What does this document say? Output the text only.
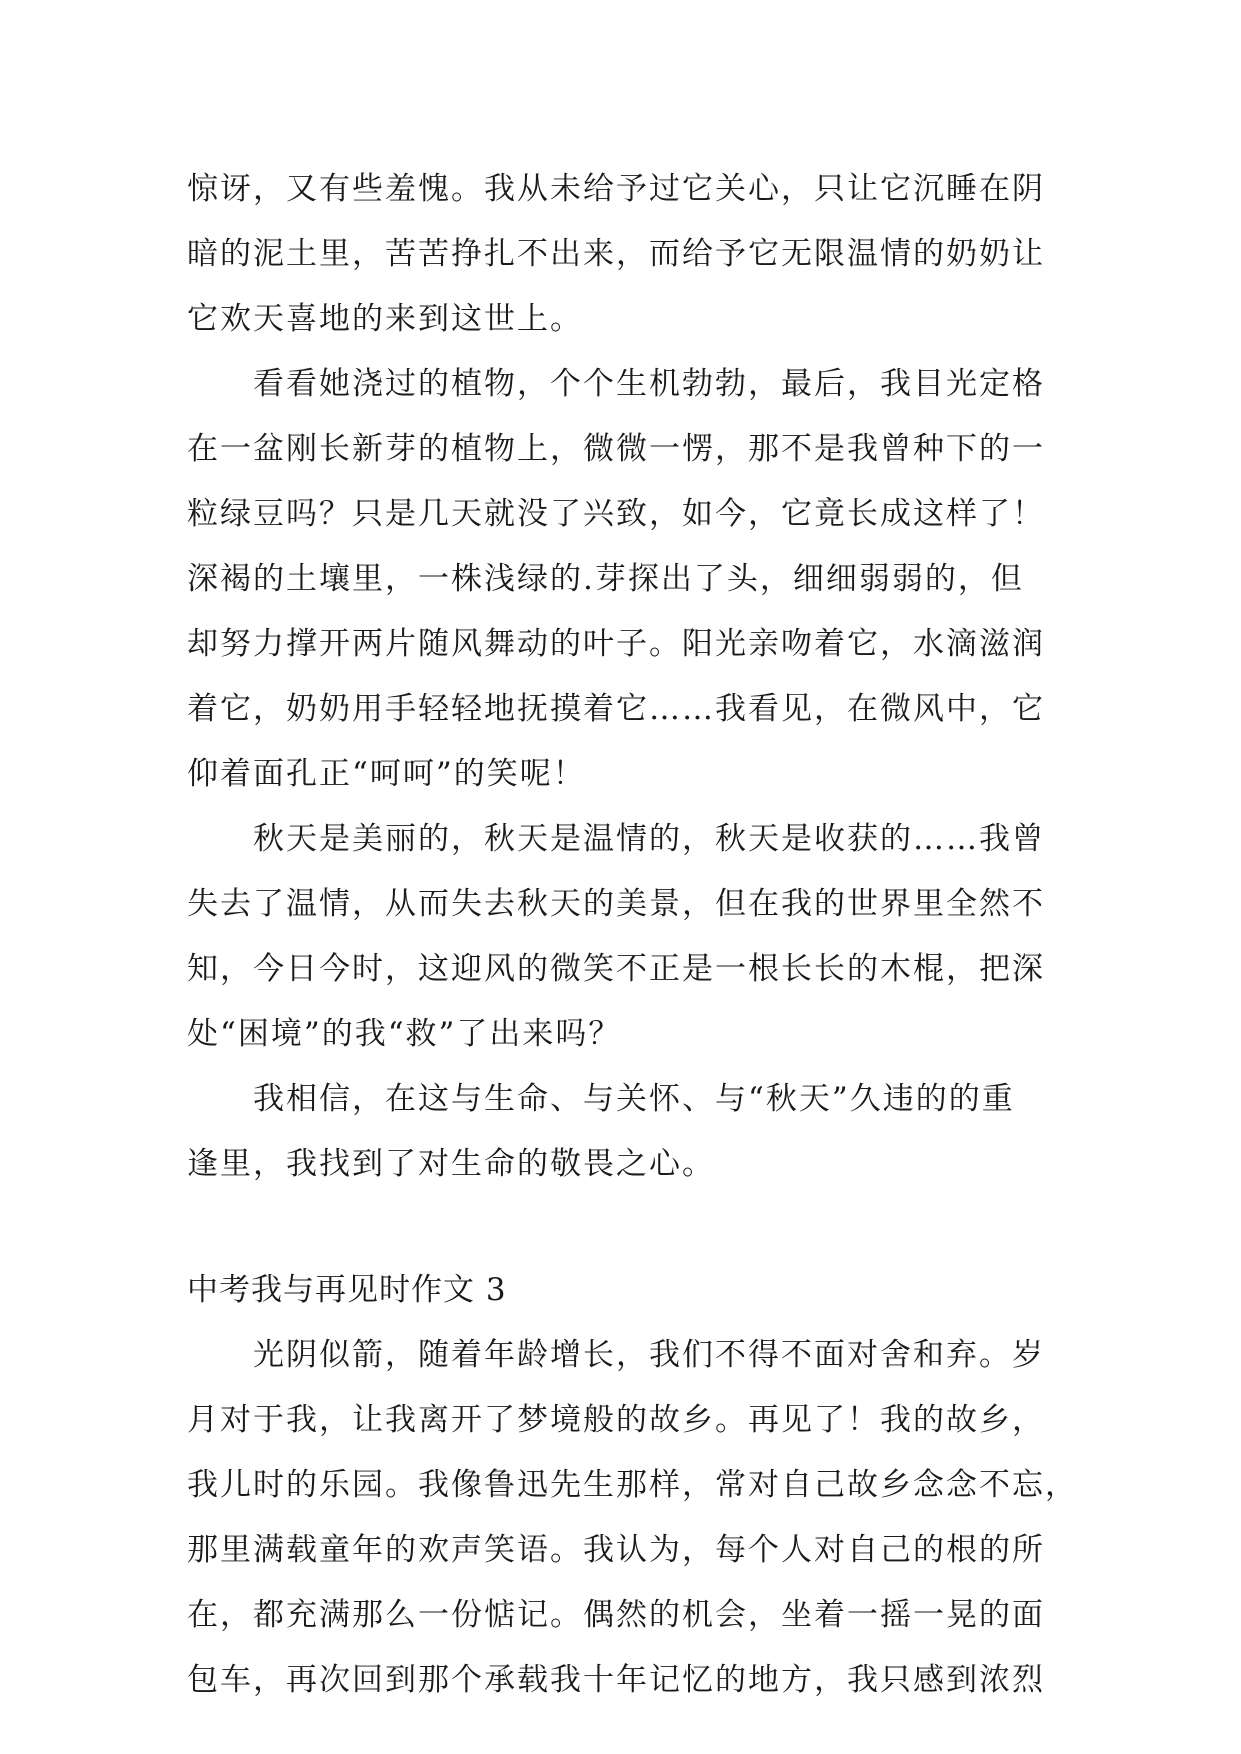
惊讶，又有些羞愧。我从未给予过它关心，只让它沉睡在阴
暗的泥土里，苦苦挣扎不出来，而给予它无限温情的奶奶让
它欢天喜地的来到这世上。
看看她浇过的植物，个个生机勃勃，最后，我目光定格
在一盆刚长新芽的植物上，微微一愣，那不是我曾种下的一
粒绿豆吗？只是几天就没了兴致，如今，它竟长成这样了！
深褐的土壤里，一株浅绿的.芽探出了头，细细弱弱的，但
却努力撑开两片随风舞动的叶子。阳光亲吻着它，水滴滋润
着它，奶奶用手轻轻地抚摸着它……我看见，在微风中，它
仰着面孔正“呵呵”的笑呢！
秋天是美丽的，秋天是温情的，秋天是收获的……我曾
失去了温情，从而失去秋天的美景，但在我的世界里全然不
知，今日今时，这迎风的微笑不正是一根长长的木棍，把深
处“困境”的我“救”了出来吗？
我相信，在这与生命、与关怀、与“秋天”久违的的重
逢里，我找到了对生命的敬畏之心。
中考我与再见时作文 3
光阴似箭，随着年龄增长，我们不得不面对舍和弃。岁
月对于我，让我离开了梦境般的故乡。再见了！我的故乡，
我儿时的乐园。我像鲁迅先生那样，常对自己故乡念念不忘，
那里满载童年的欢声笑语。我认为，每个人对自己的根的所
在，都充满那么一份惦记。偶然的机会，坐着一摇一晃的面
包车，再次回到那个承载我十年记忆的地方，我只感到浓烈
